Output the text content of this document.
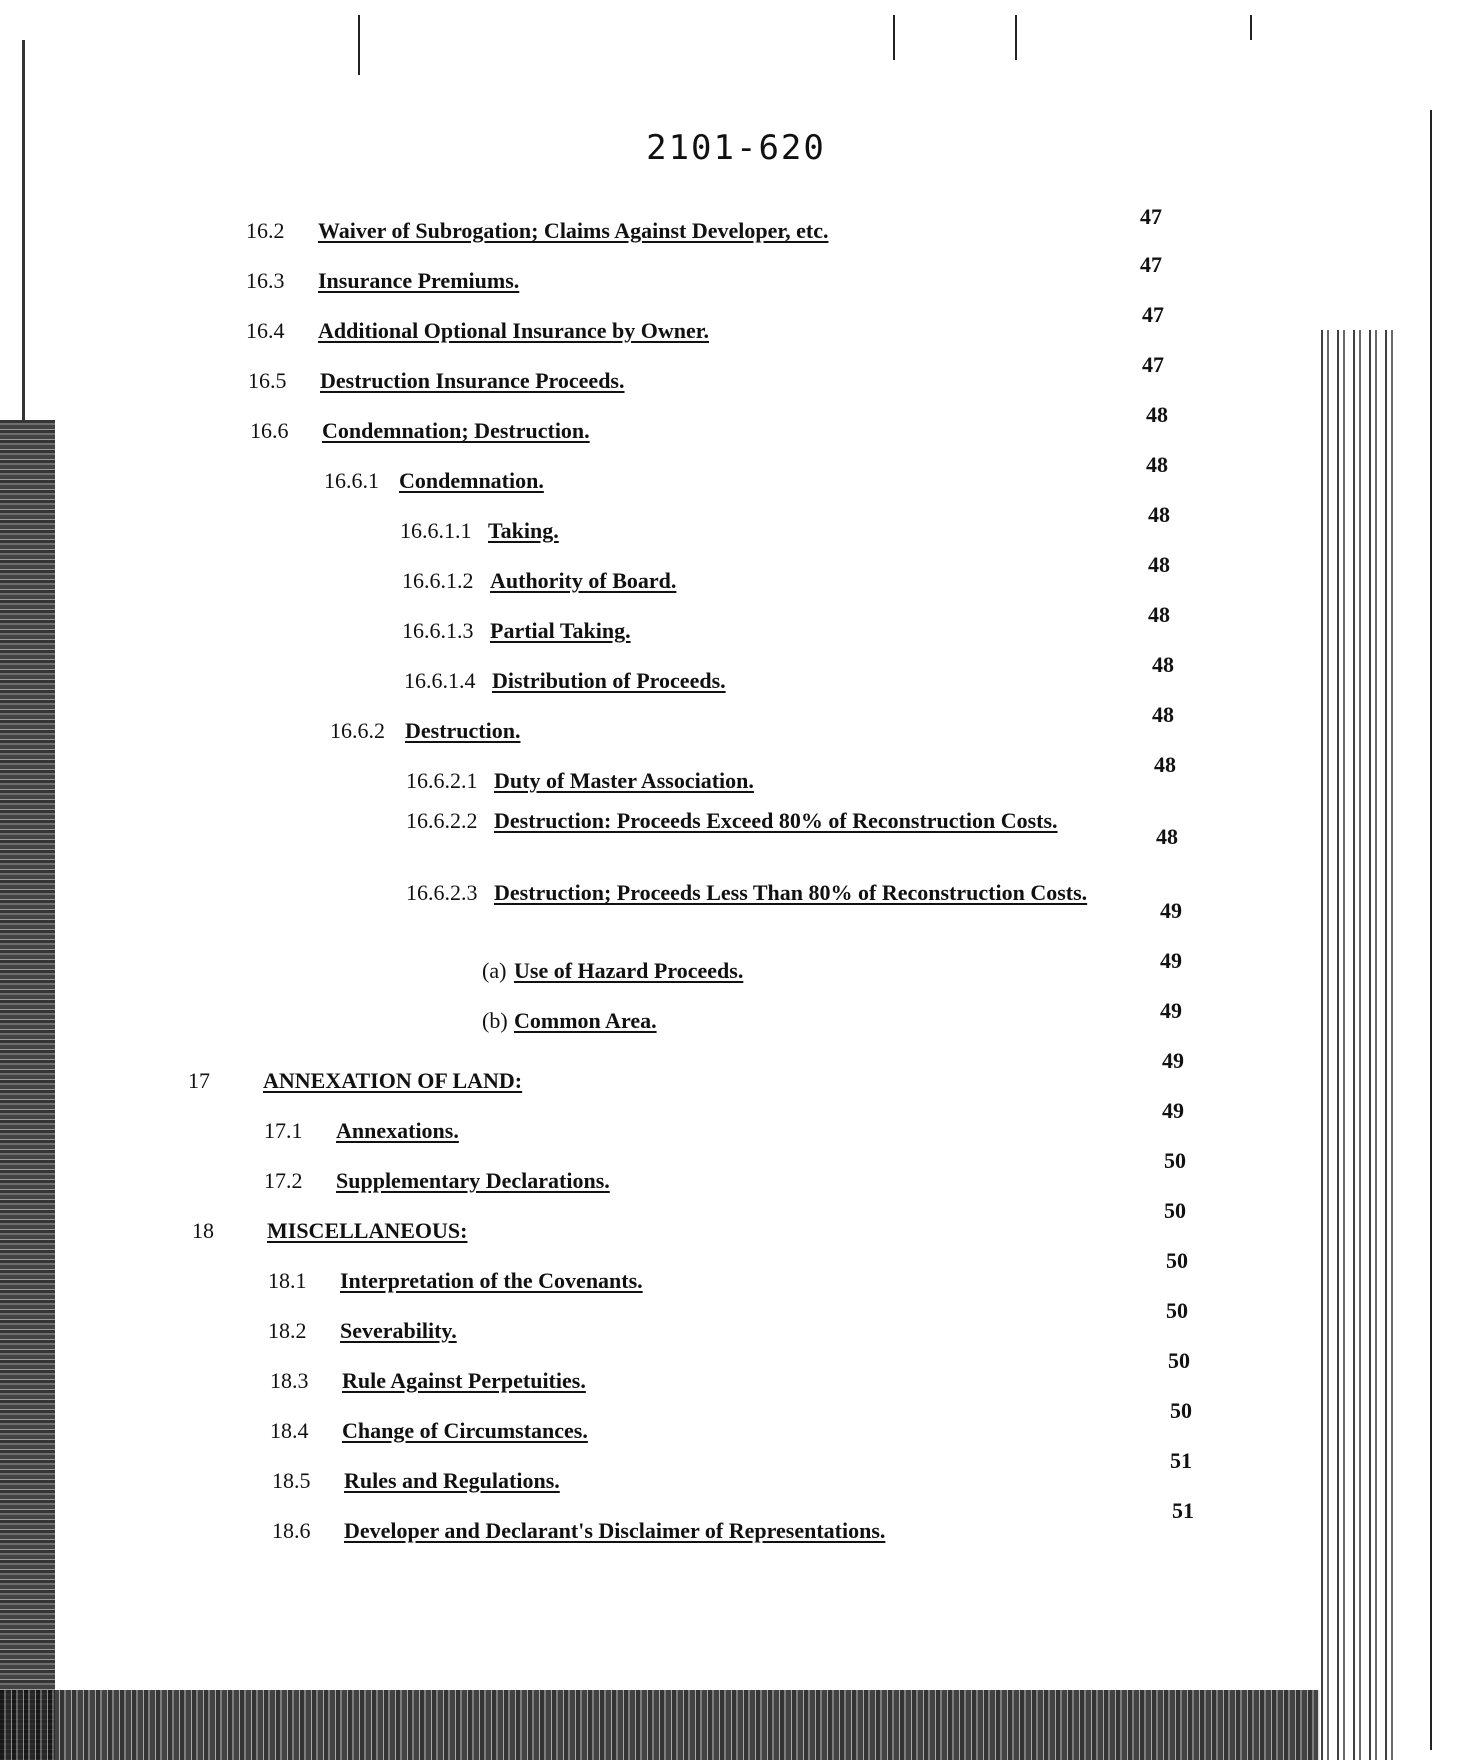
2101-620
16.2 Waiver of Subrogation; Claims Against Developer, etc.
47
16.3 Insurance Premiums.
47
16.4 Additional Optional Insurance by Owner.
47
16.5 Destruction Insurance Proceeds.
47
16.6 Condemnation; Destruction.
48
16.6.1 Condemnation.
48
16.6.1.1 Taking.
48
16.6.1.2 Authority of Board.
48
16.6.1.3 Partial Taking.
48
16.6.1.4 Distribution of Proceeds.
48
16.6.2 Destruction.
48
16.6.2.1 Duty of Master Association.
48
16.6.2.2 Destruction: Proceeds Exceed 80% of Reconstruction Costs.
48
16.6.2.3 Destruction; Proceeds Less Than 80% of Reconstruction Costs.
49
(a) Use of Hazard Proceeds.	49
(b) Common Area.	49
17 ANNEXATION OF LAND:
49
17.1 Annexations.
49
17.2 Supplementary Declarations.
50
18 MISCELLANEOUS:
50
18.1 Interpretation of the Covenants.
50
18.2 Severability.
50
18.3 Rule Against Perpetuities.
50
18.4 Change of Circumstances.
50
18.5 Rules and Regulations.
51
18.6 Developer and Declarant's Disclaimer of Representations.
51
